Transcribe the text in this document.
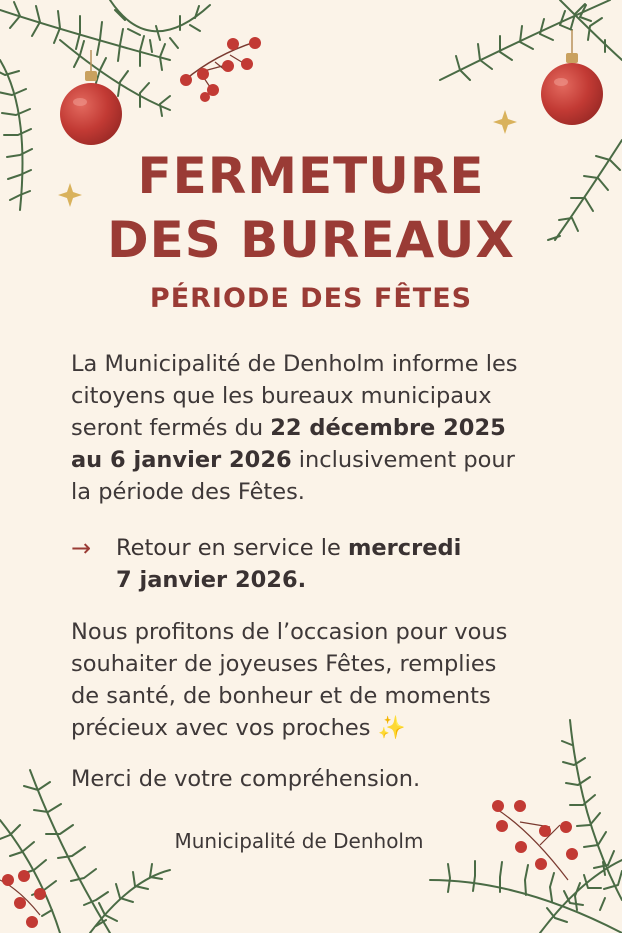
FERMETURE
DES BUREAUX
PÉRIODE DES FÊTES
La Municipalité de Denholm informe les
citoyens que les bureaux municipaux
seront fermés du 22 décembre 2025
au 6 janvier 2026 inclusivement pour
la période des Fêtes.
→ Retour en service le mercredi
7 janvier 2026.
Nous profitons de l’occasion pour vous
souhaiter de joyeuses Fêtes, remplies
de santé, de bonheur et de moments
précieux avec vos proches ✨
Merci de votre compréhension.
Municipalité de Denholm
